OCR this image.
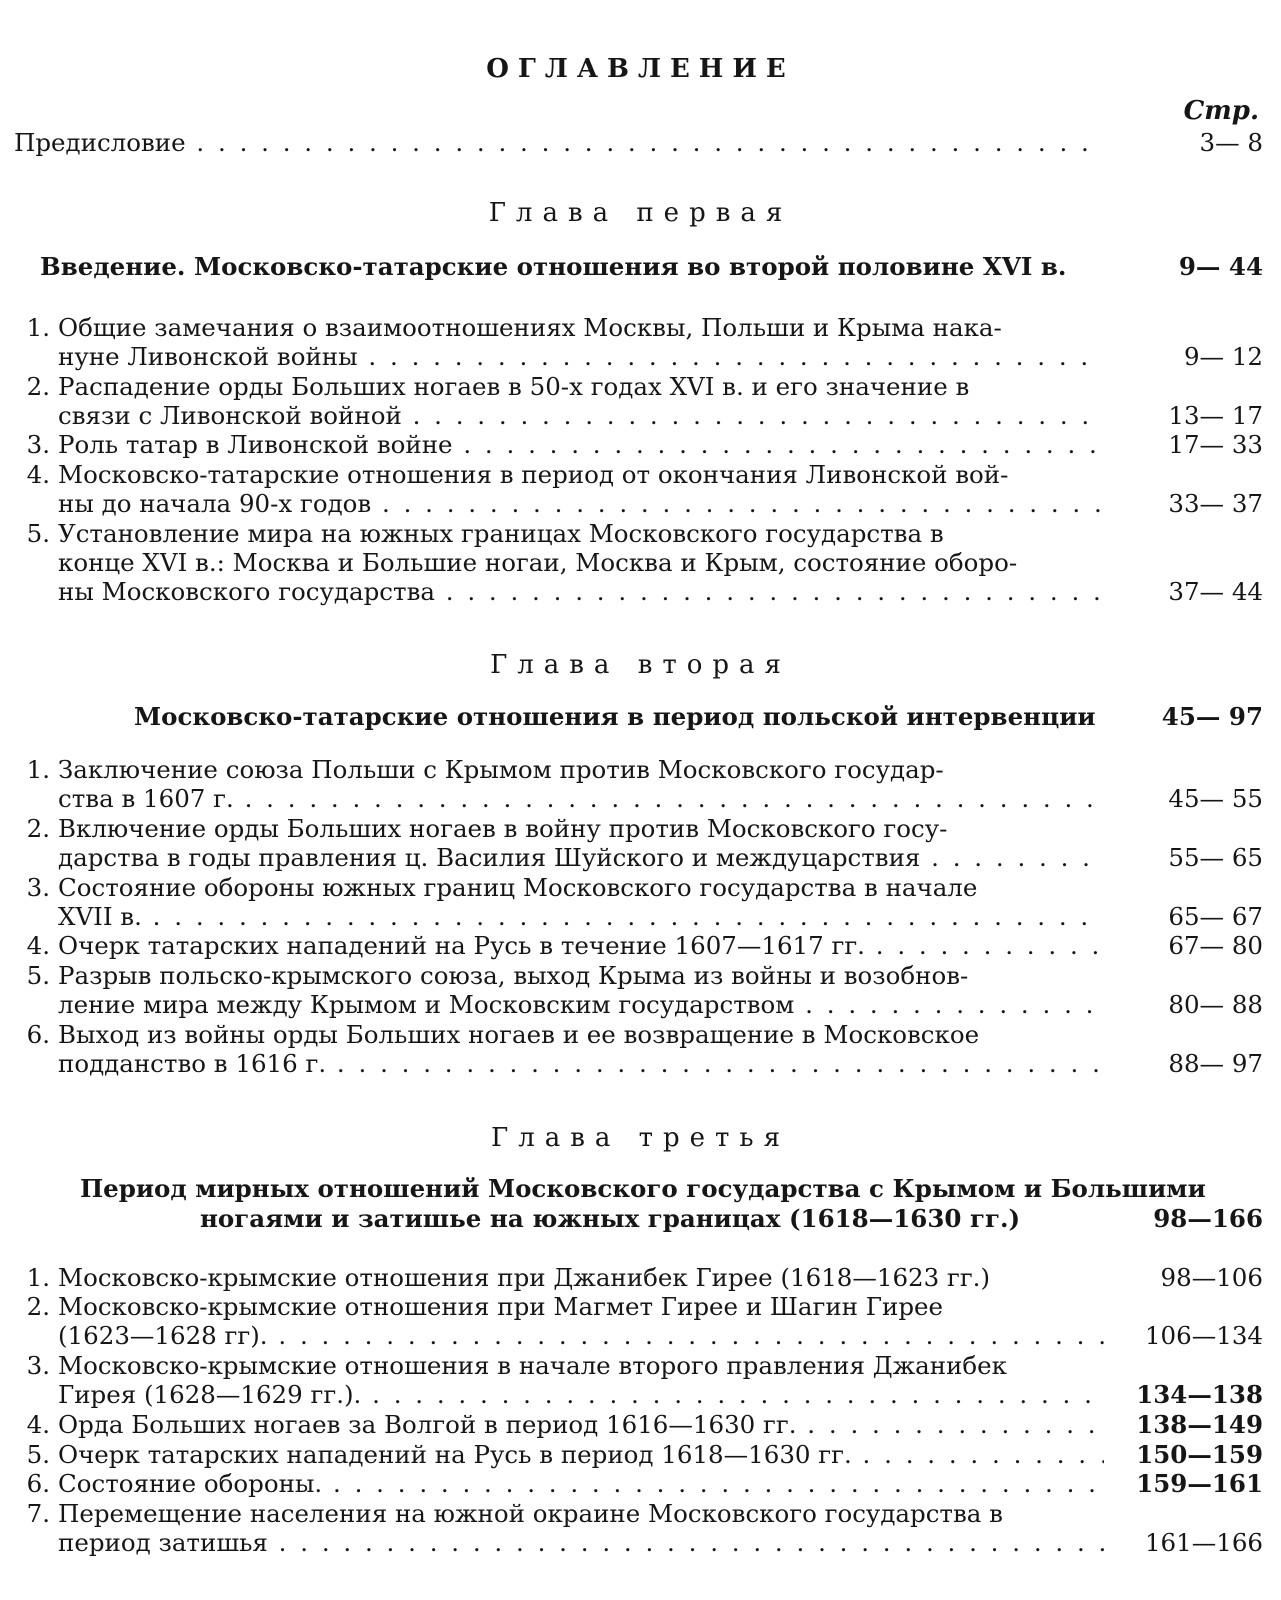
ОГЛАВЛЕНИЕ
Стр.
Предисловие . . .	3— 8
Глава первая
Введение. Московско-татарские отношения во второй половине XVI в.	9— 44
1. Общие замечания о взаимоотношениях Москвы, Польши и Крыма нака-
нуне Ливонской войны . . .	9— 12
2. Распадение орды Больших ногаев в 50-х годах XVI в. и его значение в
связи с Ливонской войной . . .	13— 17
3. Роль татар в Ливонской войне . . .	17— 33
4. Московско-татарские отношения в период от окончания Ливонской вой-
ны до начала 90-х годов . . .	33— 37
5. Установление мира на южных границах Московского государства в
конце XVI в.: Москва и Большие ногаи, Москва и Крым, состояние оборо-
ны Московского государства . . .	37— 44
Глава вторая
Московско-татарские отношения в период польской интервенции	45— 97
1. Заключение союза Польши с Крымом против Московского государ-
ства в 1607 г. . . .	45— 55
2. Включение орды Больших ногаев в войну против Московского госу-
дарства в годы правления ц. Василия Шуйского и междуцарствия . . .	55— 65
3. Состояние обороны южных границ Московского государства в начале
XVII в. . . .	65— 67
4. Очерк татарских нападений на Русь в течение 1607—1617 гг. . . .	67— 80
5. Разрыв польско-крымского союза, выход Крыма из войны и возобнов-
ление мира между Крымом и Московским государством . . .	80— 88
6. Выход из войны орды Больших ногаев и ее возвращение в Московское
подданство в 1616 г. . . .	88— 97
Глава третья
Период мирных отношений Московского государства с Крымом и Большими
ногаями и затишье на южных границах (1618—1630 гг.)	98—166
1. Московско-крымские отношения при Джанибек Гирее (1618—1623 гг.)	98—106
2. Московско-крымские отношения при Магмет Гирее и Шагин Гирее
(1623—1628 гг). . . .	106—134
3. Московско-крымские отношения в начале второго правления Джанибек
Гирея (1628—1629 гг.). . . .	134—138
4. Орда Больших ногаев за Волгой в период 1616—1630 гг. . . .	138—149
5. Очерк татарских нападений на Русь в период 1618—1630 гг. . . .	150—159
6. Состояние обороны. . . .	159—161
7. Перемещение населения на южной окраине Московского государства в
период затишья . . .	161—166
